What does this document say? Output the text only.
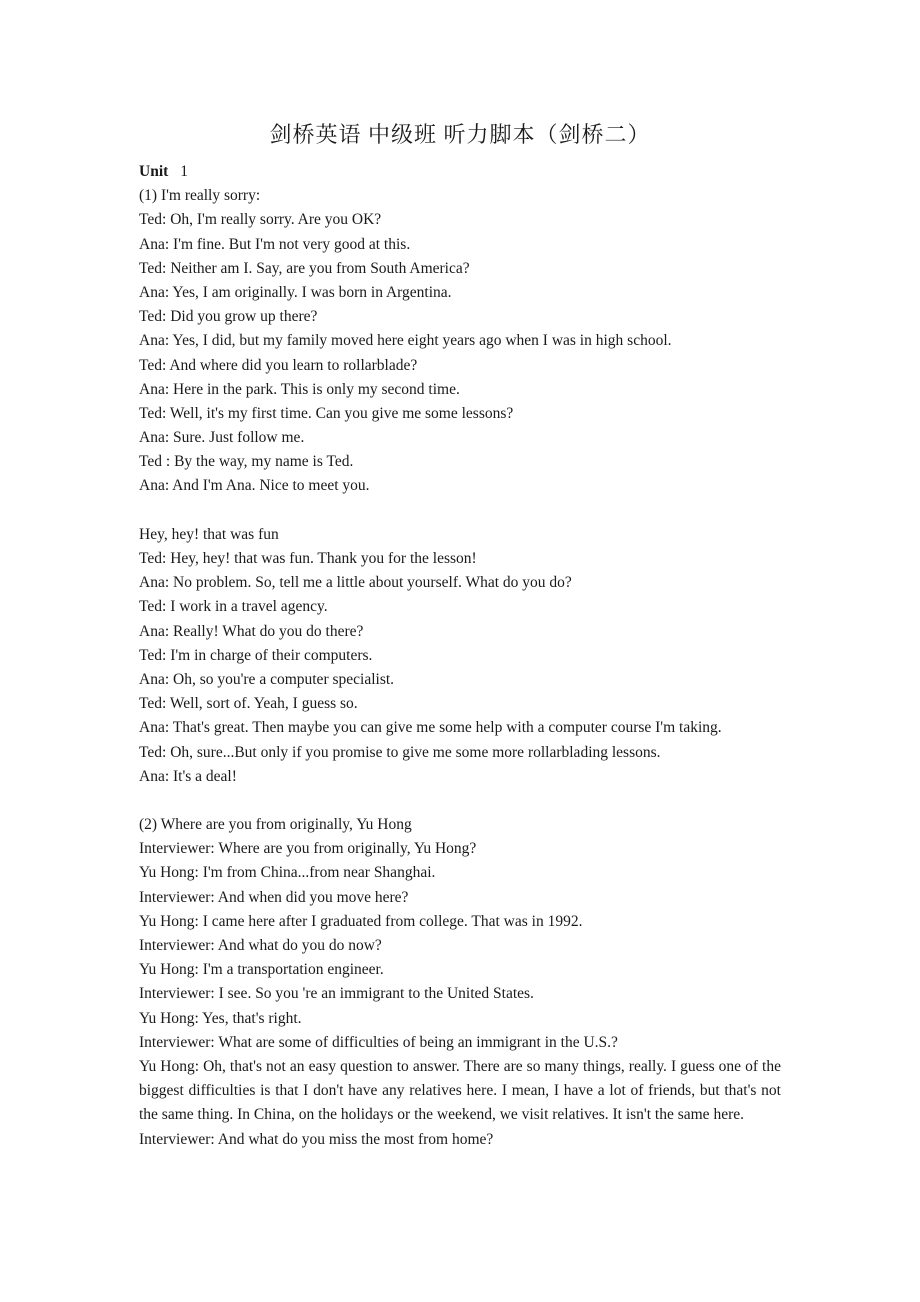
剑桥英语 中级班 听力脚本（剑桥二）
Unit 1
(1) I'm really sorry:
Ted: Oh, I'm really sorry. Are you OK?
Ana: I'm fine. But I'm not very good at this.
Ted: Neither am I. Say, are you from South America?
Ana: Yes, I am originally. I was born in Argentina.
Ted: Did you grow up there?
Ana: Yes, I did, but my family moved here eight years ago when I was in high school.
Ted: And where did you learn to rollarblade?
Ana: Here in the park. This is only my second time.
Ted: Well, it's my first time. Can you give me some lessons?
Ana: Sure. Just follow me.
Ted : By the way, my name is Ted.
Ana: And I'm Ana. Nice to meet you.
Hey, hey! that was fun
Ted: Hey, hey! that was fun. Thank you for the lesson!
Ana: No problem. So, tell me a little about yourself. What do you do?
Ted: I work in a travel agency.
Ana: Really! What do you do there?
Ted: I'm in charge of their computers.
Ana: Oh, so you're a computer specialist.
Ted: Well, sort of. Yeah, I guess so.
Ana: That's great. Then maybe you can give me some help with a computer course I'm taking.
Ted: Oh, sure...But only if you promise to give me some more rollarblading lessons.
Ana: It's a deal!
(2) Where are you from originally, Yu Hong
Interviewer: Where are you from originally, Yu Hong?
Yu Hong: I'm from China...from near Shanghai.
Interviewer: And when did you move here?
Yu Hong: I came here after I graduated from college. That was in 1992.
Interviewer: And what do you do now?
Yu Hong: I'm a transportation engineer.
Interviewer: I see. So you 're an immigrant to the United States.
Yu Hong: Yes, that's right.
Interviewer: What are some of difficulties of being an immigrant in the U.S.?
Yu Hong: Oh, that's not an easy question to answer. There are so many things, really. I guess one of the biggest difficulties is that I don't have any relatives here. I mean, I have a lot of friends, but that's not the same thing. In China, on the holidays or the weekend, we visit relatives. It isn't the same here.
Interviewer: And what do you miss the most from home?
